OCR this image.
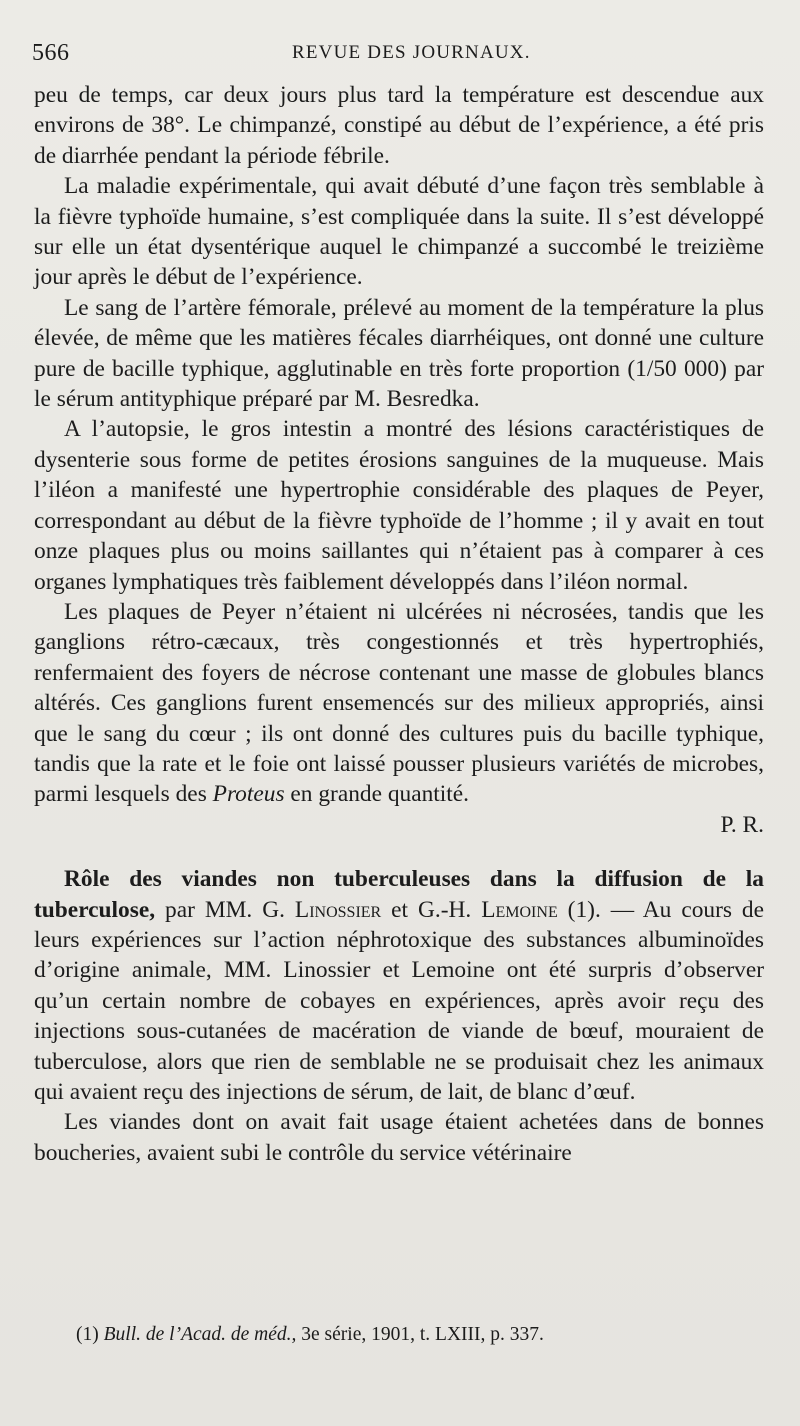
566	REVUE DES JOURNAUX.

peu de temps, car deux jours plus tard la température est descendue aux environs de 38°. Le chimpanzé, constipé au début de l’expérience, a été pris de diarrhée pendant la période fébrile.

La maladie expérimentale, qui avait débuté d’une façon très semblable à la fièvre typhoïde humaine, s’est compliquée dans la suite. Il s’est développé sur elle un état dysentérique auquel le chimpanzé a succombé le treizième jour après le début de l’expérience.

Le sang de l’artère fémorale, prélevé au moment de la température la plus élevée, de même que les matières fécales diarrhéiques, ont donné une culture pure de bacille typhique, agglutinable en très forte proportion (1/50 000) par le sérum antityphique préparé par M. Besredka.

A l’autopsie, le gros intestin a montré des lésions caractéristiques de dysenterie sous forme de petites érosions sanguines de la muqueuse. Mais l’iléon a manifesté une hypertrophie considérable des plaques de Peyer, correspondant au début de la fièvre typhoïde de l’homme ; il y avait en tout onze plaques plus ou moins saillantes qui n’étaient pas à comparer à ces organes lymphatiques très faiblement développés dans l’iléon normal.

Les plaques de Peyer n’étaient ni ulcérées ni nécrosées, tandis que les ganglions rétro-cæcaux, très congestionnés et très hypertrophiés, renfermaient des foyers de nécrose contenant une masse de globules blancs altérés. Ces ganglions furent ensemencés sur des milieux appropriés, ainsi que le sang du cœur ; ils ont donné des cultures puis du bacille typhique, tandis que la rate et le foie ont laissé pousser plusieurs variétés de microbes, parmi lesquels des Proteus en grande quantité.

P. R.

Rôle des viandes non tuberculeuses dans la diffusion de la tuberculose, par MM. G. Linossier et G.-H. Lemoine (1). — Au cours de leurs expériences sur l’action néphrotoxique des substances albuminoïdes d’origine animale, MM. Linossier et Lemoine ont été surpris d’observer qu’un certain nombre de cobayes en expériences, après avoir reçu des injections sous-cutanées de macération de viande de bœuf, mouraient de tuberculose, alors que rien de semblable ne se produisait chez les animaux qui avaient reçu des injections de sérum, de lait, de blanc d’œuf.

Les viandes dont on avait fait usage étaient achetées dans de bonnes boucheries, avaient subi le contrôle du service vétérinaire

(1) Bull. de l’Acad. de méd., 3e série, 1901, t. LXIII, p. 337.
